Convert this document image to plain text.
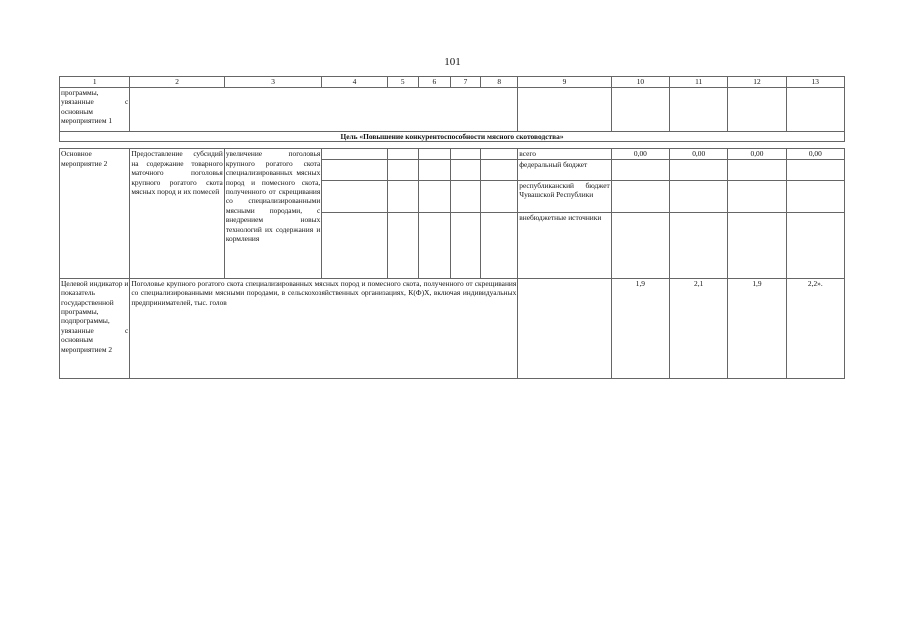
101
1	2	3	4	5	6	7	8	9	10	11	12	13
программы, увязанные с основным мероприятием 1												
Цель «Повышение конкурентоспособности мясного скотоводства»												

Основное мероприятие 2	Предоставление субсидий на содержание товарного маточного поголовья крупного рогатого скота мясных пород и их помесей	увеличение поголовья крупного рогатого скота специализированных мясных пород и помесного скота, полученного от скрещивания со специализированными мясными породами, с внедрением новых технологий их содержания и кормления						всего	0,00	0,00	0,00	0,00
								федеральный бюджет				
								республиканский бюджет Чувашской Республики				
								внебюджетные источники				
Целевой индикатор и показатель государственной программы, подпрограммы, увязанные с основным мероприятием 2	Поголовье крупного рогатого скота специализированных мясных пород и помесного скота, полученного от скрещивания со специализированными мясными породами, в сельскохозяйственных организациях, К(Ф)Х, включая индивидуальных предпринимателей, тыс. голов								1,9	2,1	1,9	2,2».
